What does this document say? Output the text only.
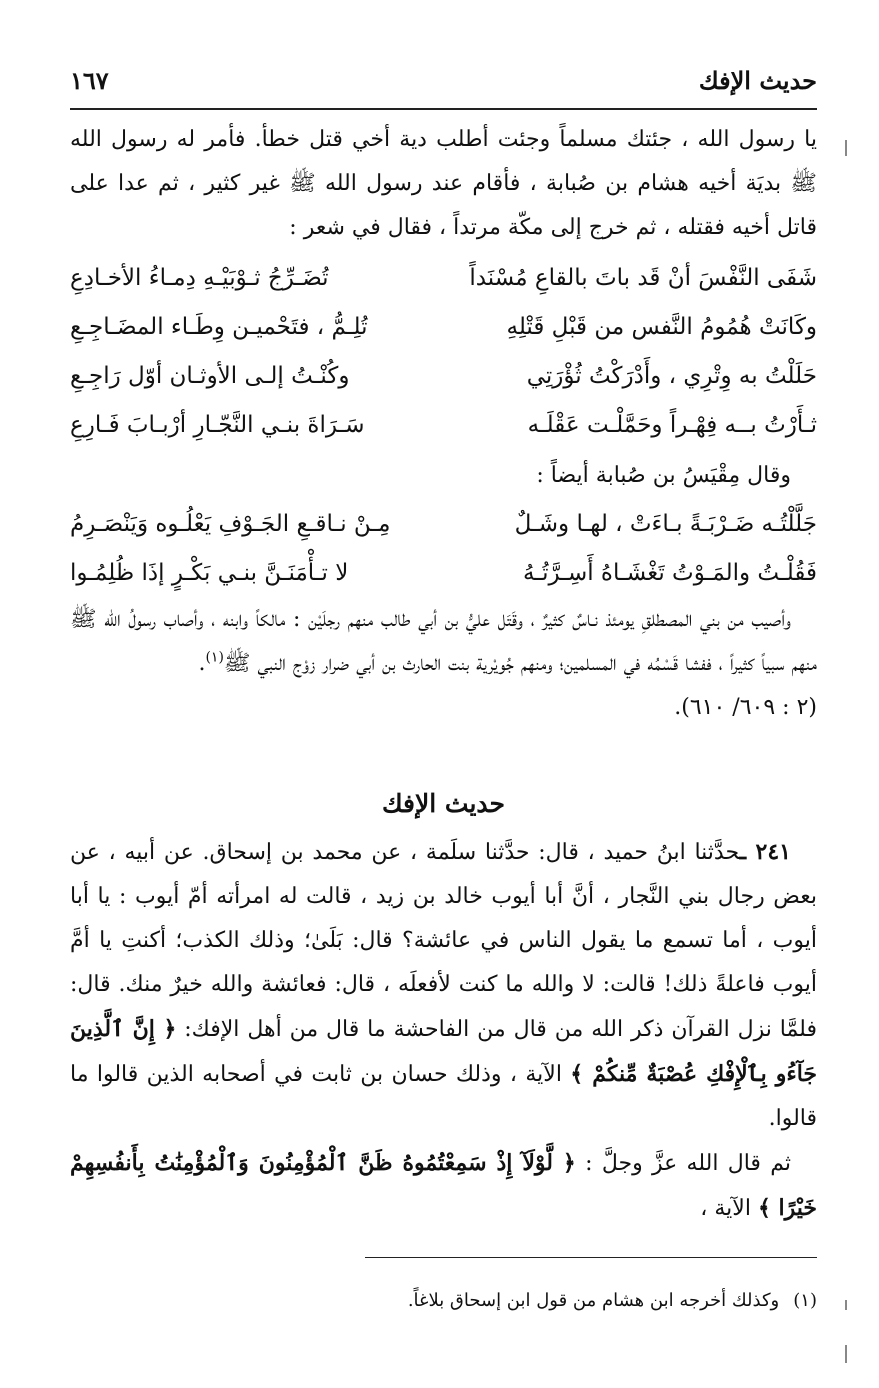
حديث الإفك
١٦٧

يا رسول الله ، جئتك مسلماً وجئت أطلب دية أخي قتل خطأ. فأمر له رسول الله ﷺ بديَة أخيه هشام بن صُبابة ، فأقام عند رسول الله ﷺ غير كثير ، ثم عدا على قاتل أخيه فقتله ، ثم خرج إلى مكّة مرتداً ، فقال في شعر :

شَفَى النَّفْسَ أنْ قَد باتَ بالقاعِ مُسْنَداً
تُضَـرِّجُ ثـوْبَيْـهِ دِمـاءُ الأخـادِعِ
وكَانَتْ هُمُومُ النَّفس من قَبْلِ قَتْلِهِ
تُلِـمُّ ، فتَحْميـن وِطَـاء المضَـاجِـعِ
حَلَلْتُ به وِتْرِي ، وأَدْرَكْتُ ثُؤْرَتِي
وكُنْـتُ إلـى الأوثـان أوّل رَاجِـعِ
ثـأَرْتُ بــه فِهْـراً وحَمَّلْـت عَقْلَـه
سَـرَاةَ بنـي النَّجّـارِ أرْبـابَ فَـارِعِ
وقال مِقْيَسُ بن صُبابة أيضاً :
جَلَّلْتُـه ضَـرْبَـةً بـاءَتْ ، لهـا وشَـلٌ
مِـنْ نـاقـعِ الجَـوْفِ يَعْلُـوه وَيَنْصَـرِمُ
فَقُلْـتُ والمَـوْتُ تَغْشَـاهُ أَسِـرَّتُـهُ
لا تـأْمَنَـنَّ بنـي بَكْـرٍ إذَا ظُلِمُـوا

وأصيب من بني المصطلقِ يومئذ نـاسٌ كثيرٌ ، وقَتَل عليُّ بن أبي طالب منهم رجلَيْن : مالكاً وابنه ، وأصاب رسولُ الله ﷺ منهم سبياً كثيراً ، ففشا قَسْمُه في المسلمين؛ ومنهم جُويْرية بنت الحارث بن أبي ضرار زوْج النبي ﷺ$^{(١)}$.
(٢ : ٦٠٩/ ٦١٠).

حديث الإفك

٢٤١ ـحدَّثنا ابنُ حميد ، قال: حدَّثنا سلَمة ، عن محمد بن إسحاق. عن أبيه ، عن بعض رجال بني النَّجار ، أنَّ أبا أيوب خالد بن زيد ، قالت له امرأته أمّ أيوب : يا أبا أيوب ، أما تسمع ما يقول الناس في عائشة؟ قال: بَلَىٰ؛ وذلك الكذب؛ أكنتِ يا أمَّ أيوب فاعلةً ذلك! قالت: لا والله ما كنت لأفعلَه ، قال: فعائشة والله خيرٌ منك. قال: فلمَّا نزل القرآن ذكر الله من قال من الفاحشة ما قال من أهل الإفك: ﴿ إِنَّ ٱلَّذِينَ جَآءُو بِٱلْإِفْكِ عُصْبَةٌ مِّنكُمْ ﴾ الآية ، وذلك حسان بن ثابت في أصحابه الذين قالوا ما قالوا.

ثم قال الله عزَّ وجلَّ : ﴿ لَّوْلَآ إِذْ سَمِعْتُمُوهُ ظَنَّ ٱلْمُؤْمِنُونَ وَٱلْمُؤْمِنَٰتُ بِأَنفُسِهِمْ خَيْرًا ﴾ الآية ،

(١)وكذلك أخرجه ابن هشام من قول ابن إسحاق بلاغاً.
